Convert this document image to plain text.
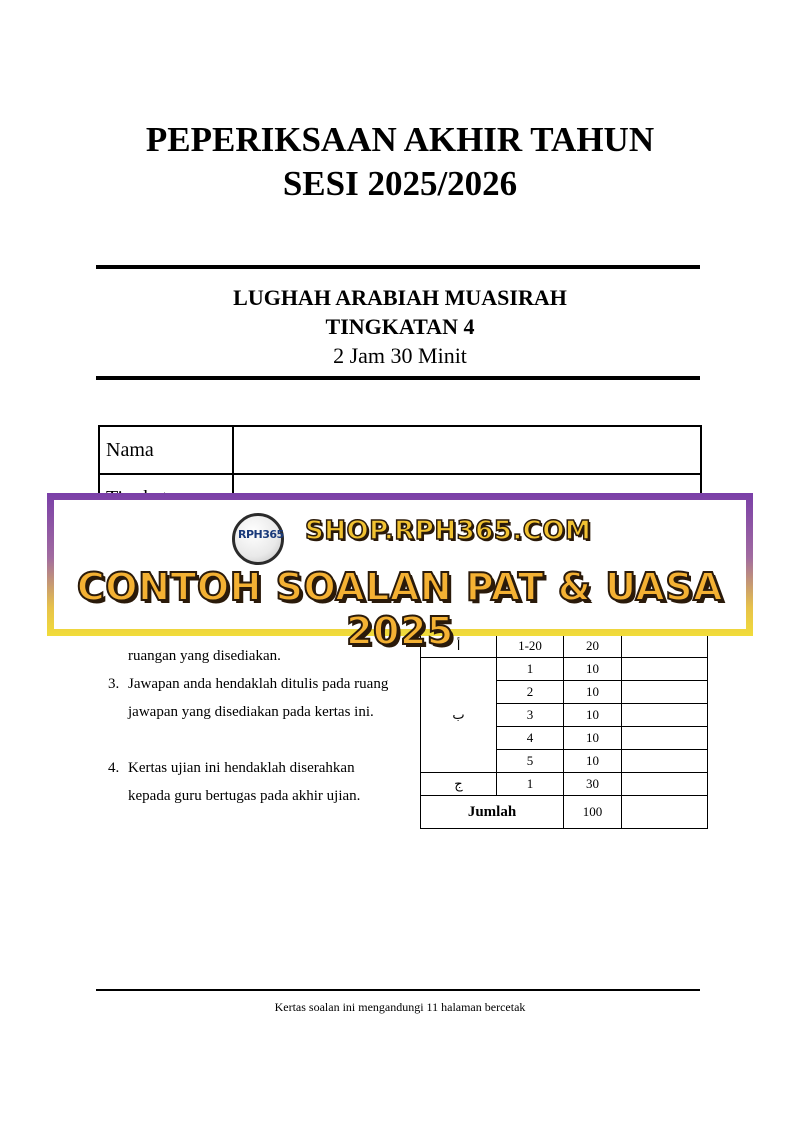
PEPERIKSAAN AKHIR TAHUN
SESI 2025/2026
LUGHAH ARABIAH MUASIRAH
TINGKATAN 4
2 Jam 30 Minit
Nama	

ruangan yang disediakan.
3. Jawapan anda hendaklah ditulis pada ruang jawapan yang disediakan pada kertas ini.
4. Kertas ujian ini hendaklah diserahkan kepada guru bertugas pada akhir ujian.
أ	1-20	20	
ب	1	10	
	2	10	
	3	10	
	4	10	
	5	10	
ج	1	30	
Jumlah		100	
RPH365 SHOP.RPH365.COM
CONTOH SOALAN PAT & UASA 2025
Kertas soalan ini mengandungi 11 halaman bercetak
